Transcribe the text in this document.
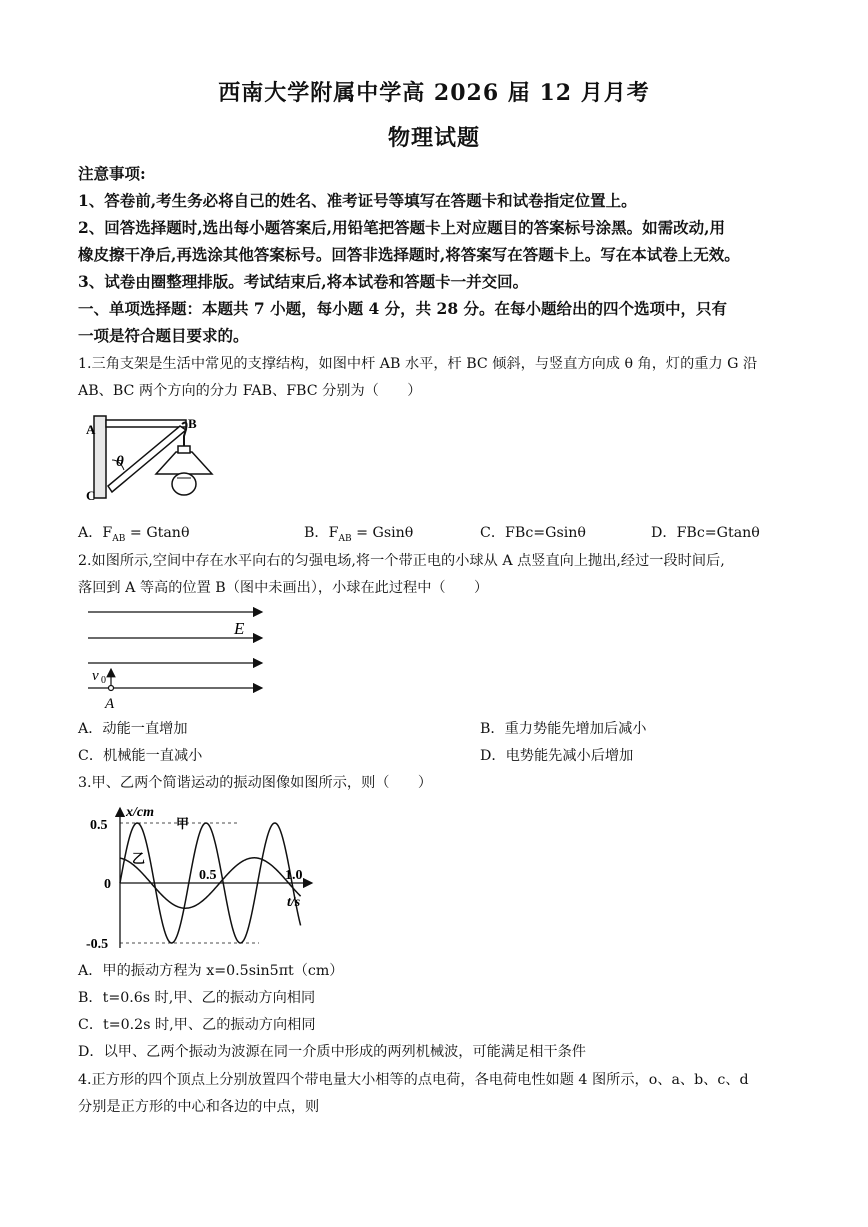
西南大学附属中学高 2026 届 12 月月考
物理试题
注意事项:
1、答卷前,考生务必将自己的姓名、准考证号等填写在答题卡和试卷指定位置上。
2、回答选择题时,选出每小题答案后,用铅笔把答题卡上对应题目的答案标号涂黑。如需改动,用
橡皮擦干净后,再选涂其他答案标号。回答非选择题时,将答案写在答题卡上。写在本试卷上无效。
3、试卷由圈整理排版。考试结束后,将本试卷和答题卡一并交回。
一、单项选择题：本题共 7 小题，每小题 4 分，共 28 分。在每小题给出的四个选项中，只有
一项是符合题目要求的。
1.三角支架是生活中常见的支撑结构，如图中杆 AB 水平，杆 BC 倾斜，与竖直方向成 θ 角，灯的重力 G 沿
AB、BC 两个方向的分力 FAB、FBC 分别为（　　）
A	B
C
θ
A．$F_{AB} = Gtan\theta$	B．$F_{AB} = Gsin\theta$	C．FBc=Gsinθ	D．FBc=Gtanθ
2.如图所示,空间中存在水平向右的匀强电场,将一个带正电的小球从 A 点竖直向上抛出,经过一段时间后,
落回到 A 等高的位置 B（图中未画出），小球在此过程中（　　）
E
v 0
A
A．动能一直增加	B．重力势能先增加后减小
C．机械能一直减小	D．电势能先减小后增加
3.甲、乙两个简谐运动的振动图像如图所示，则（　　）
x/cm
t/s
0.5
0
-0.5
0.5	1.0
甲
乙
A．甲的振动方程为 x=0.5sin5πt（cm）
B．t=0.6s 时,甲、乙的振动方向相同
C．t=0.2s 时,甲、乙的振动方向相同
D．以甲、乙两个振动为波源在同一介质中形成的两列机械波，可能满足相干条件
4.正方形的四个顶点上分别放置四个带电量大小相等的点电荷，各电荷电性如题 4 图所示，o、a、b、c、d
分别是正方形的中心和各边的中点，则
